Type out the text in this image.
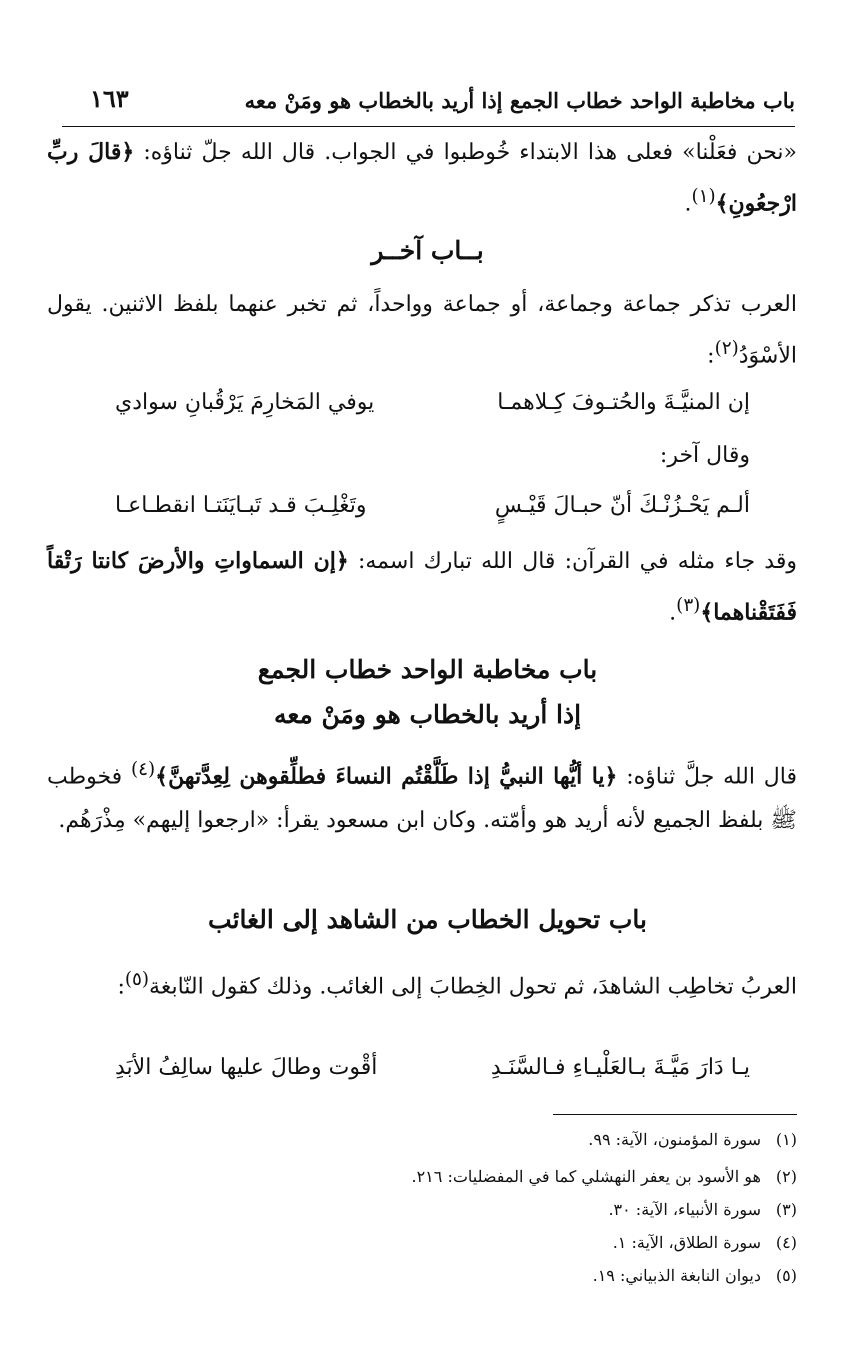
باب مخاطبة الواحد خطاب الجمع إذا أريد بالخطاب هو ومَنْ معه
١٦٣
«نحن فعَلْنا» فعلى هذا الابتداء خُوطبوا في الجواب. قال الله جلّ ثناؤه: ﴿قالَ ربِّ ارْجعُونِ﴾$^{(١)}$.
بــاب آخــر
العرب تذكر جماعة وجماعة، أو جماعة وواحداً، ثم تخبر عنهما بلفظ الاثنين. يقول الأسْوَدُ$^{(٢)}$:
إن المنيَّـةَ والحُتـوفَ كِـلاهمـا
يوفي المَخارِمَ يَرْقُبانِ سوادي
وقال آخر:
ألـم يَحْـزُنْـكَ أنّ حبـالَ قَيْـسٍ
وتَغْلِـبَ قـد تَبـايَنَتـا انقطـاعـا
وقد جاء مثله في القرآن: قال الله تبارك اسمه: ﴿إن السماواتِ والأرضَ كانتا رَتْقاً فَفَتَقْناهما﴾$^{(٣)}$.
باب مخاطبة الواحد خطاب الجمع
إذا أريد بالخطاب هو ومَنْ معه
قال الله جلَّ ثناؤه: ﴿يا أيُّها النبيُّ إذا طَلَّقْتُم النساءَ فطلِّقوهن لِعِدَّتهنَّ﴾$^{(٤)}$ فخوطب ﷺ بلفظ الجميع لأنه أريد هو وأمّته. وكان ابن مسعود يقرأ: «ارجعوا إليهم» مِذْرَهُم.
باب تحويل الخطاب من الشاهد إلى الغائب
العربُ تخاطِب الشاهدَ، ثم تحول الخِطابَ إلى الغائب. وذلك كقول النّابغة$^{(٥)}$:
يـا دَارَ مَيَّـةَ بـالعَلْيـاءِ فـالسَّنَـدِ
أقْوت وطالَ عليها سالِفُ الأبَدِ
(١)سورة المؤمنون، الآية: ٩٩.
(٢)هو الأسود بن يعفر النهشلي كما في المفضليات: ٢١٦.
(٣)سورة الأنبياء، الآية: ٣٠.
(٤)سورة الطلاق، الآية: ١.
(٥)ديوان النابغة الذبياني: ١٩.
